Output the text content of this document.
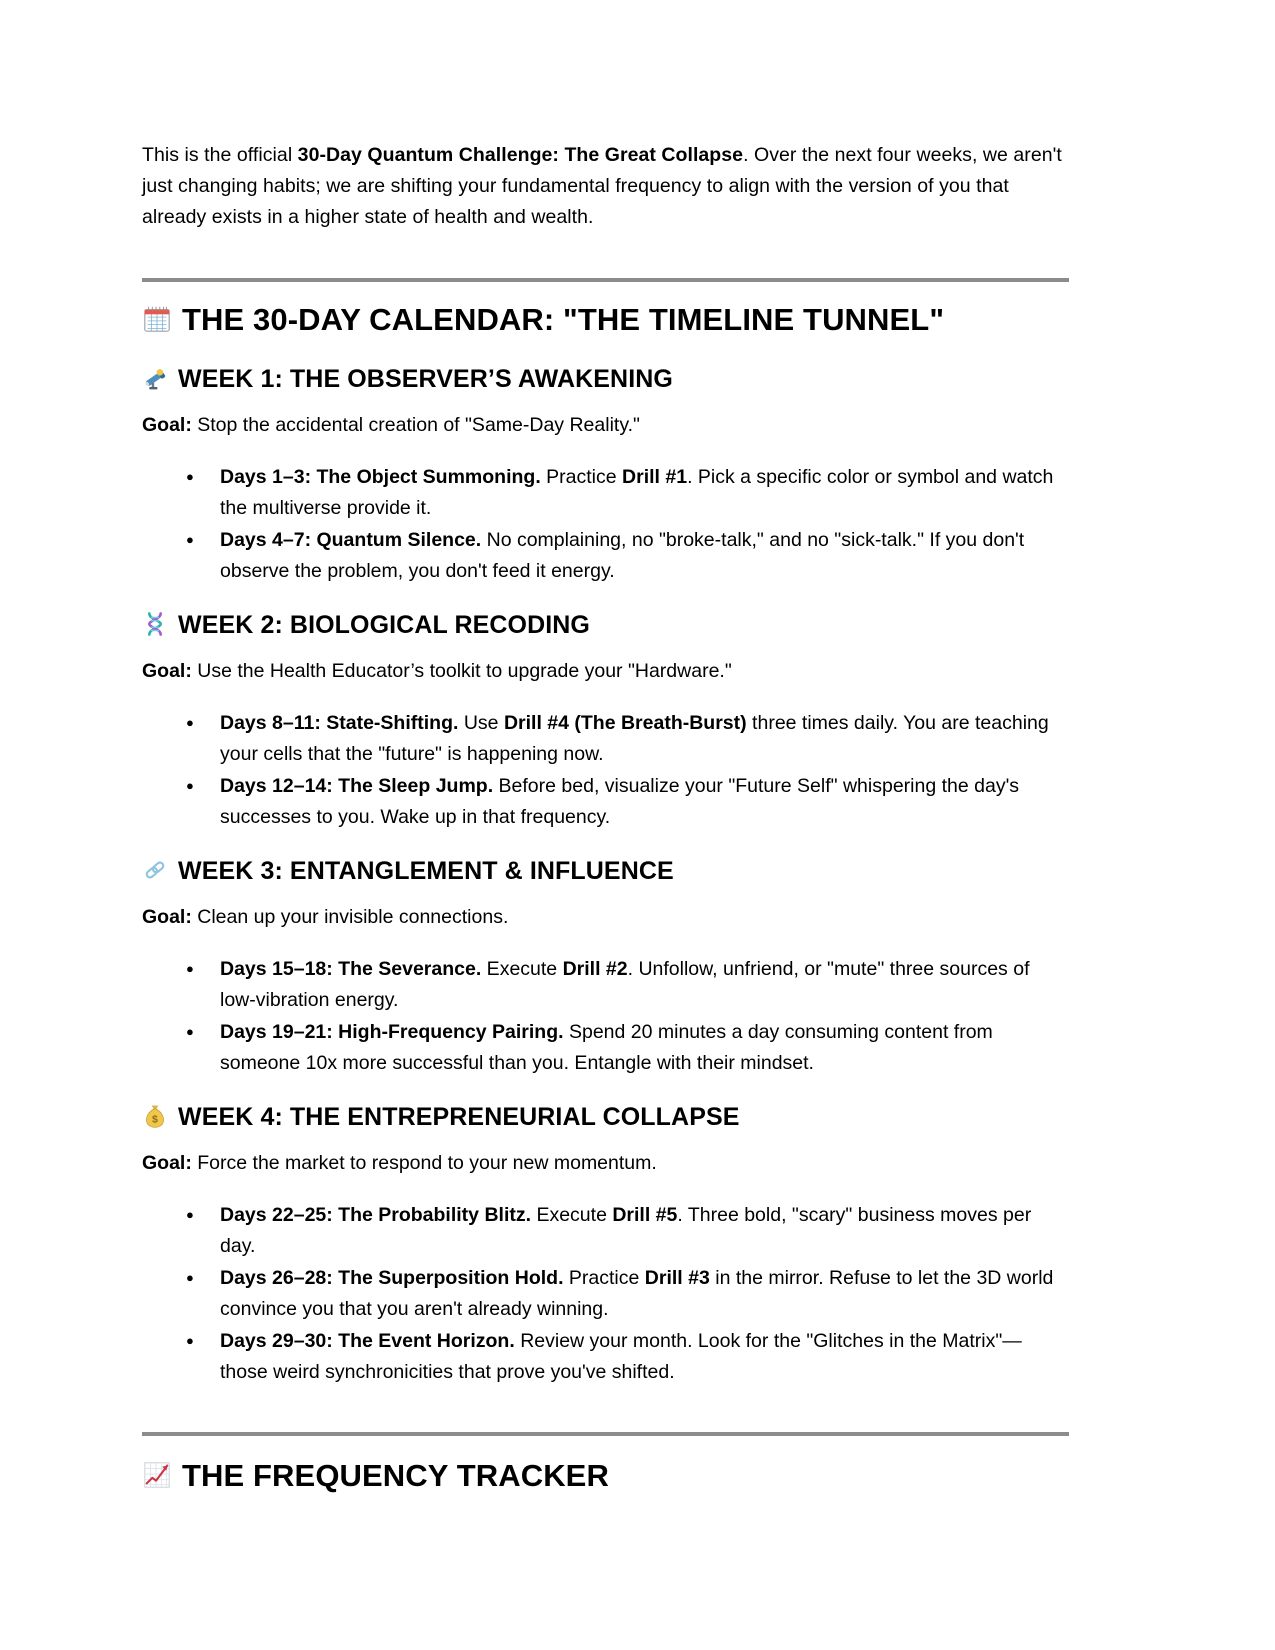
This is the official 30-Day Quantum Challenge: The Great Collapse. Over the next four weeks, we aren't just changing habits; we are shifting your fundamental frequency to align with the version of you that already exists in a higher state of health and wealth.

THE 30-DAY CALENDAR: "THE TIMELINE TUNNEL"
WEEK 1: THE OBSERVER’S AWAKENING

Goal: Stop the accidental creation of "Same-Day Reality."

● Days 1–3: The Object Summoning. Practice Drill #1. Pick a specific color or symbol and watch the multiverse provide it.
● Days 4–7: Quantum Silence. No complaining, no "broke-talk," and no "sick-talk." If you don't observe the problem, you don't feed it energy.
WEEK 2: BIOLOGICAL RECODING

Goal: Use the Health Educator’s toolkit to upgrade your "Hardware."

● Days 8–11: State-Shifting. Use Drill #4 (The Breath-Burst) three times daily. You are teaching your cells that the "future" is happening now.
● Days 12–14: The Sleep Jump. Before bed, visualize your "Future Self" whispering the day's successes to you. Wake up in that frequency.
WEEK 3: ENTANGLEMENT & INFLUENCE

Goal: Clean up your invisible connections.

● Days 15–18: The Severance. Execute Drill #2. Unfollow, unfriend, or "mute" three sources of low-vibration energy.
● Days 19–21: High-Frequency Pairing. Spend 20 minutes a day consuming content from someone 10x more successful than you. Entangle with their mindset.
$ WEEK 4: THE ENTREPRENEURIAL COLLAPSE

Goal: Force the market to respond to your new momentum.

● Days 22–25: The Probability Blitz. Execute Drill #5. Three bold, "scary" business moves per day.
● Days 26–28: The Superposition Hold. Practice Drill #3 in the mirror. Refuse to let the 3D world convince you that you aren't already winning.
● Days 29–30: The Event Horizon. Review your month. Look for the "Glitches in the Matrix"—those weird synchronicities that prove you've shifted.
THE FREQUENCY TRACKER
